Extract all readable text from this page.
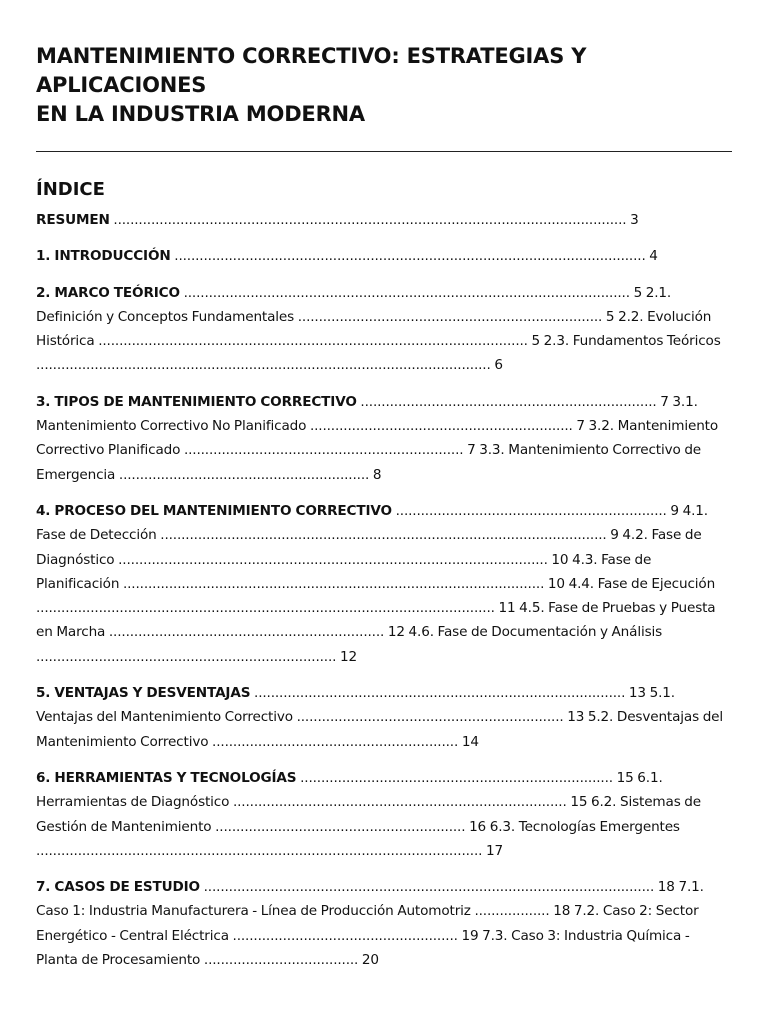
MANTENIMIENTO CORRECTIVO: ESTRATEGIAS Y APLICACIONES
EN LA INDUSTRIA MODERNA
ÍNDICE

RESUMEN ........................................................................................................................... 3

1. INTRODUCCIÓN ................................................................................................................. 4

2. MARCO TEÓRICO ........................................................................................................... 5 2.1. Definición y Conceptos Fundamentales ......................................................................... 5 2.2. Evolución Histórica ....................................................................................................... 5 2.3. Fundamentos Teóricos ............................................................................................................. 6

3. TIPOS DE MANTENIMIENTO CORRECTIVO ....................................................................... 7 3.1. Mantenimiento Correctivo No Planificado ............................................................... 7 3.2. Mantenimiento Correctivo Planificado ................................................................... 7 3.3. Mantenimiento Correctivo de Emergencia ............................................................ 8

4. PROCESO DEL MANTENIMIENTO CORRECTIVO ................................................................. 9 4.1. Fase de Detección ........................................................................................................... 9 4.2. Fase de Diagnóstico ....................................................................................................... 10 4.3. Fase de Planificación ..................................................................................................... 10 4.4. Fase de Ejecución .............................................................................................................. 11 4.5. Fase de Pruebas y Puesta en Marcha .................................................................. 12 4.6. Fase de Documentación y Análisis ........................................................................ 12

5. VENTAJAS Y DESVENTAJAS ......................................................................................... 13 5.1. Ventajas del Mantenimiento Correctivo ................................................................ 13 5.2. Desventajas del Mantenimiento Correctivo ........................................................... 14

6. HERRAMIENTAS Y TECNOLOGÍAS ........................................................................... 15 6.1. Herramientas de Diagnóstico ................................................................................ 15 6.2. Sistemas de Gestión de Mantenimiento ............................................................ 16 6.3. Tecnologías Emergentes ........................................................................................................... 17

7. CASOS DE ESTUDIO ............................................................................................................ 18 7.1. Caso 1: Industria Manufacturera - Línea de Producción Automotriz .................. 18 7.2. Caso 2: Sector Energético - Central Eléctrica ...................................................... 19 7.3. Caso 3: Industria Química - Planta de Procesamiento ..................................... 20
